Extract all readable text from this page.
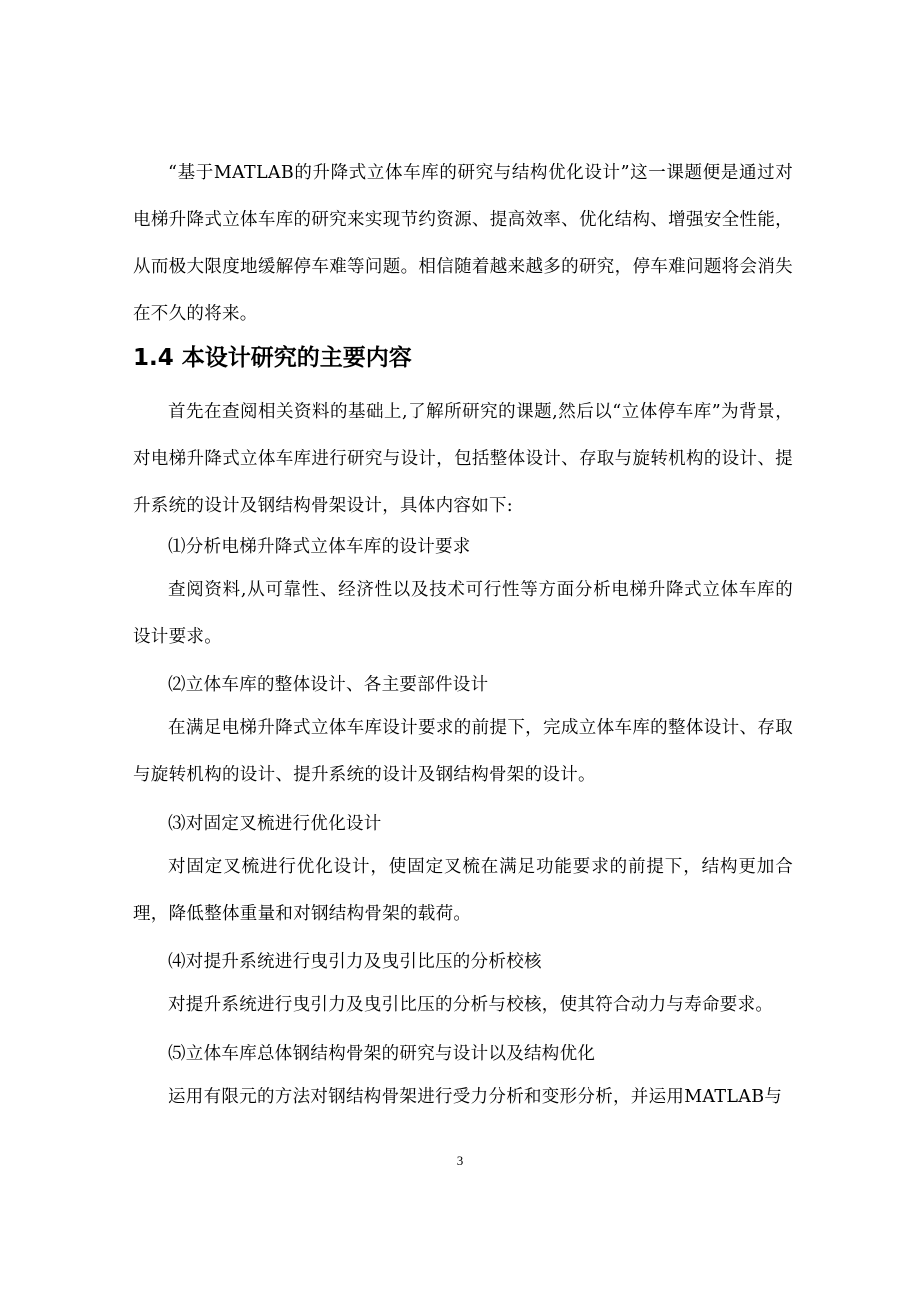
“基于MATLAB的升降式立体车库的研究与结构优化设计”这一课题便是通过对电梯升降式立体车库的研究来实现节约资源、提高效率、优化结构、增强安全性能，从而极大限度地缓解停车难等问题。相信随着越来越多的研究，停车难问题将会消失在不久的将来。

1.4 本设计研究的主要内容

首先在查阅相关资料的基础上,了解所研究的课题,然后以“立体停车库”为背景，对电梯升降式立体车库进行研究与设计，包括整体设计、存取与旋转机构的设计、提升系统的设计及钢结构骨架设计，具体内容如下:

⑴分析电梯升降式立体车库的设计要求

查阅资料,从可靠性、经济性以及技术可行性等方面分析电梯升降式立体车库的设计要求。

⑵立体车库的整体设计、各主要部件设计

在满足电梯升降式立体车库设计要求的前提下，完成立体车库的整体设计、存取与旋转机构的设计、提升系统的设计及钢结构骨架的设计。

⑶对固定叉梳进行优化设计

对固定叉梳进行优化设计，使固定叉梳在满足功能要求的前提下，结构更加合理，降低整体重量和对钢结构骨架的载荷。

⑷对提升系统进行曳引力及曳引比压的分析校核

对提升系统进行曳引力及曳引比压的分析与校核，使其符合动力与寿命要求。

⑸立体车库总体钢结构骨架的研究与设计以及结构优化

运用有限元的方法对钢结构骨架进行受力分析和变形分析，并运用MATLAB与

3
